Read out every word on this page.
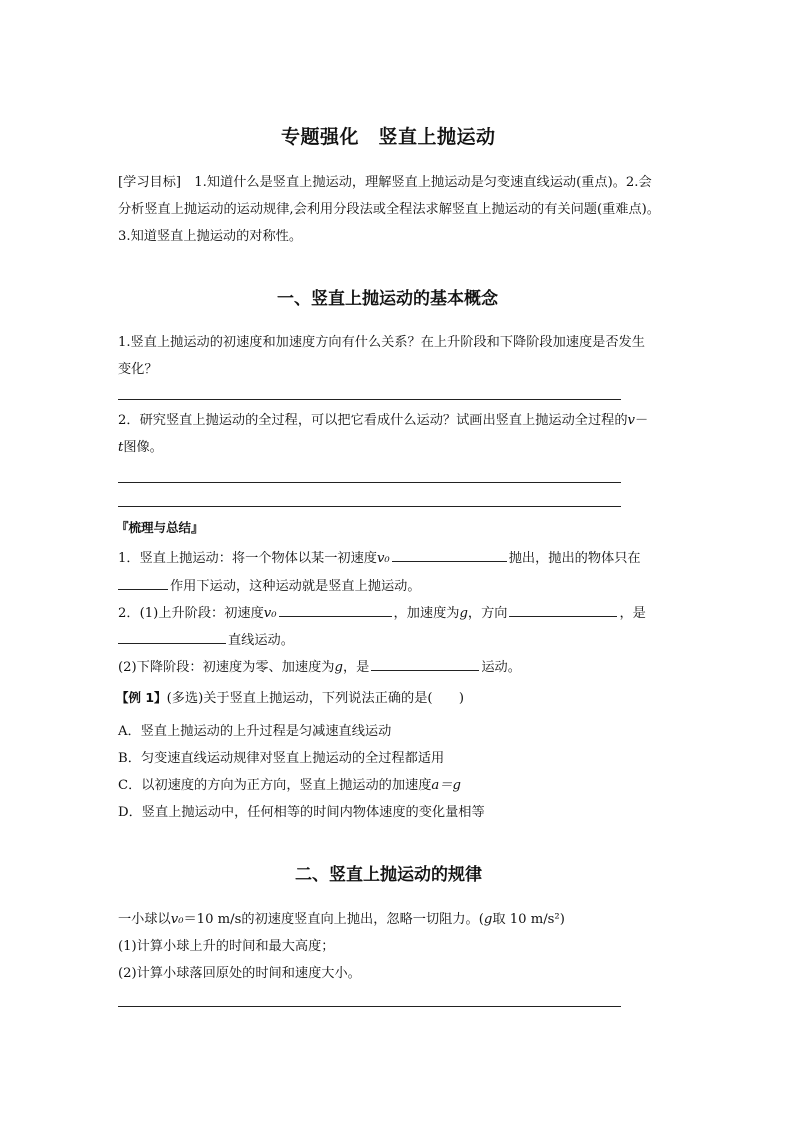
专题强化　竖直上抛运动
[学习目标]　 1.知道什么是竖直上抛运动，理解竖直上抛运动是匀变速直线运动(重点)。2.会
分析竖直上抛运动的运动规律,会利用分段法或全程法求解竖直上抛运动的有关问题(重难点)。
3.知道竖直上抛运动的对称性。
一、竖直上抛运动的基本概念
1.竖直上抛运动的初速度和加速度方向有什么关系？在上升阶段和下降阶段加速度是否发生
变化？
2．研究竖直上抛运动的全过程，可以把它看成什么运动？试画出竖直上抛运动全过程的v－
t图像。
『梳理与总结』
1．竖直上抛运动：将一个物体以某一初速度v₀	抛出，抛出的物体只在
作用下运动，这种运动就是竖直上抛运动。
2．(1)上升阶段：初速度v₀	，加速度为g，方向	，是
直线运动。
(2)下降阶段：初速度为零、加速度为g，是	运动。
【例 1】(多选)关于竖直上抛运动，下列说法正确的是(　　)
A．竖直上抛运动的上升过程是匀减速直线运动
B．匀变速直线运动规律对竖直上抛运动的全过程都适用
C．以初速度的方向为正方向，竖直上抛运动的加速度a＝g
D．竖直上抛运动中，任何相等的时间内物体速度的变化量相等
二、竖直上抛运动的规律
一小球以v₀＝10 m/s的初速度竖直向上抛出，忽略一切阻力。(g取 10 m/s²)
(1)计算小球上升的时间和最大高度；
(2)计算小球落回原处的时间和速度大小。
